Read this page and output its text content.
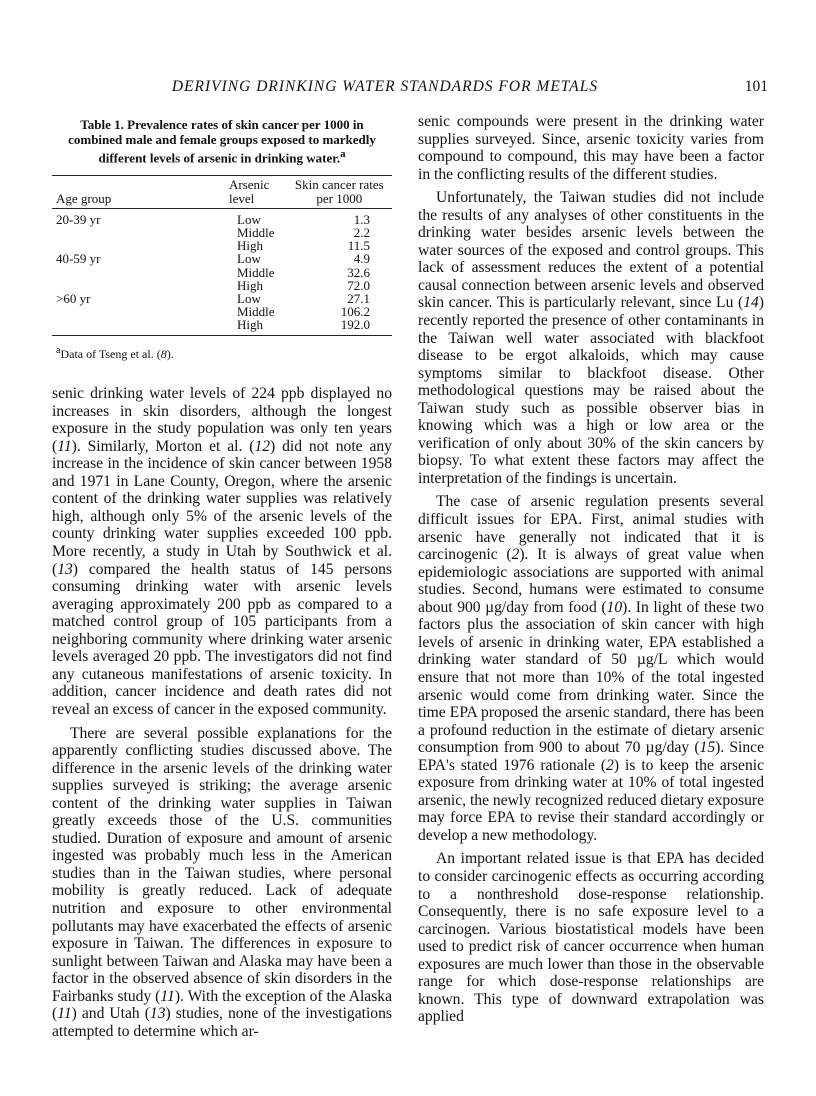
DERIVING DRINKING WATER STANDARDS FOR METALS	101
Table 1. Prevalence rates of skin cancer per 1000 in combined male and female groups exposed to markedly different levels of arsenic in drinking water.$^a$
Age group	Arsenic level	Skin cancer rates per 1000
20-39 yr	Low	1.3
	Middle	2.2
	High	11.5
40-59 yr	Low	4.9
	Middle	32.6
	High	72.0
>60 yr	Low	27.1
	Middle	106.2
	High	192.0
$^a$Data of Tseng et al. (8).

senic drinking water levels of 224 ppb displayed no increases in skin disorders, although the longest exposure in the study population was only ten years (11). Similarly, Morton et al. (12) did not note any increase in the incidence of skin cancer between 1958 and 1971 in Lane County, Oregon, where the arsenic content of the drinking water supplies was relatively high, although only 5% of the arsenic levels of the county drinking water supplies exceeded 100 ppb. More recently, a study in Utah by Southwick et al. (13) compared the health status of 145 persons consuming drinking water with arsenic levels averaging approximately 200 ppb as compared to a matched control group of 105 participants from a neighboring community where drinking water arsenic levels averaged 20 ppb. The investigators did not find any cutaneous manifestations of arsenic toxicity. In addition, cancer incidence and death rates did not reveal an excess of cancer in the exposed community.

There are several possible explanations for the apparently conflicting studies discussed above. The difference in the arsenic levels of the drinking water supplies surveyed is striking; the average arsenic content of the drinking water supplies in Taiwan greatly exceeds those of the U.S. communities studied. Duration of exposure and amount of arsenic ingested was probably much less in the American studies than in the Taiwan studies, where personal mobility is greatly reduced. Lack of adequate nutrition and exposure to other environmental pollutants may have exacerbated the effects of arsenic exposure in Taiwan. The differences in exposure to sunlight between Taiwan and Alaska may have been a factor in the observed absence of skin disorders in the Fairbanks study (11). With the exception of the Alaska (11) and Utah (13) studies, none of the investigations attempted to determine which ar-

senic compounds were present in the drinking water supplies surveyed. Since, arsenic toxicity varies from compound to compound, this may have been a factor in the conflicting results of the different studies.

Unfortunately, the Taiwan studies did not include the results of any analyses of other constituents in the drinking water besides arsenic levels between the water sources of the exposed and control groups. This lack of assessment reduces the extent of a potential causal connection between arsenic levels and observed skin cancer. This is particularly relevant, since Lu (14) recently reported the presence of other contaminants in the Taiwan well water associated with blackfoot disease to be ergot alkaloids, which may cause symptoms similar to blackfoot disease. Other methodological questions may be raised about the Taiwan study such as possible observer bias in knowing which was a high or low area or the verification of only about 30% of the skin cancers by biopsy. To what extent these factors may affect the interpretation of the findings is uncertain.

The case of arsenic regulation presents several difficult issues for EPA. First, animal studies with arsenic have generally not indicated that it is carcinogenic (2). It is always of great value when epidemiologic associations are supported with animal studies. Second, humans were estimated to consume about 900 µg/day from food (10). In light of these two factors plus the association of skin cancer with high levels of arsenic in drinking water, EPA established a drinking water standard of 50 µg/L which would ensure that not more than 10% of the total ingested arsenic would come from drinking water. Since the time EPA proposed the arsenic standard, there has been a profound reduction in the estimate of dietary arsenic consumption from 900 to about 70 µg/day (15). Since EPA's stated 1976 rationale (2) is to keep the arsenic exposure from drinking water at 10% of total ingested arsenic, the newly recognized reduced dietary exposure may force EPA to revise their standard accordingly or develop a new methodology.

An important related issue is that EPA has decided to consider carcinogenic effects as occurring according to a nonthreshold dose-response relationship. Consequently, there is no safe exposure level to a carcinogen. Various biostatistical models have been used to predict risk of cancer occurrence when human exposures are much lower than those in the observable range for which dose-response relationships are known. This type of downward extrapolation was applied
